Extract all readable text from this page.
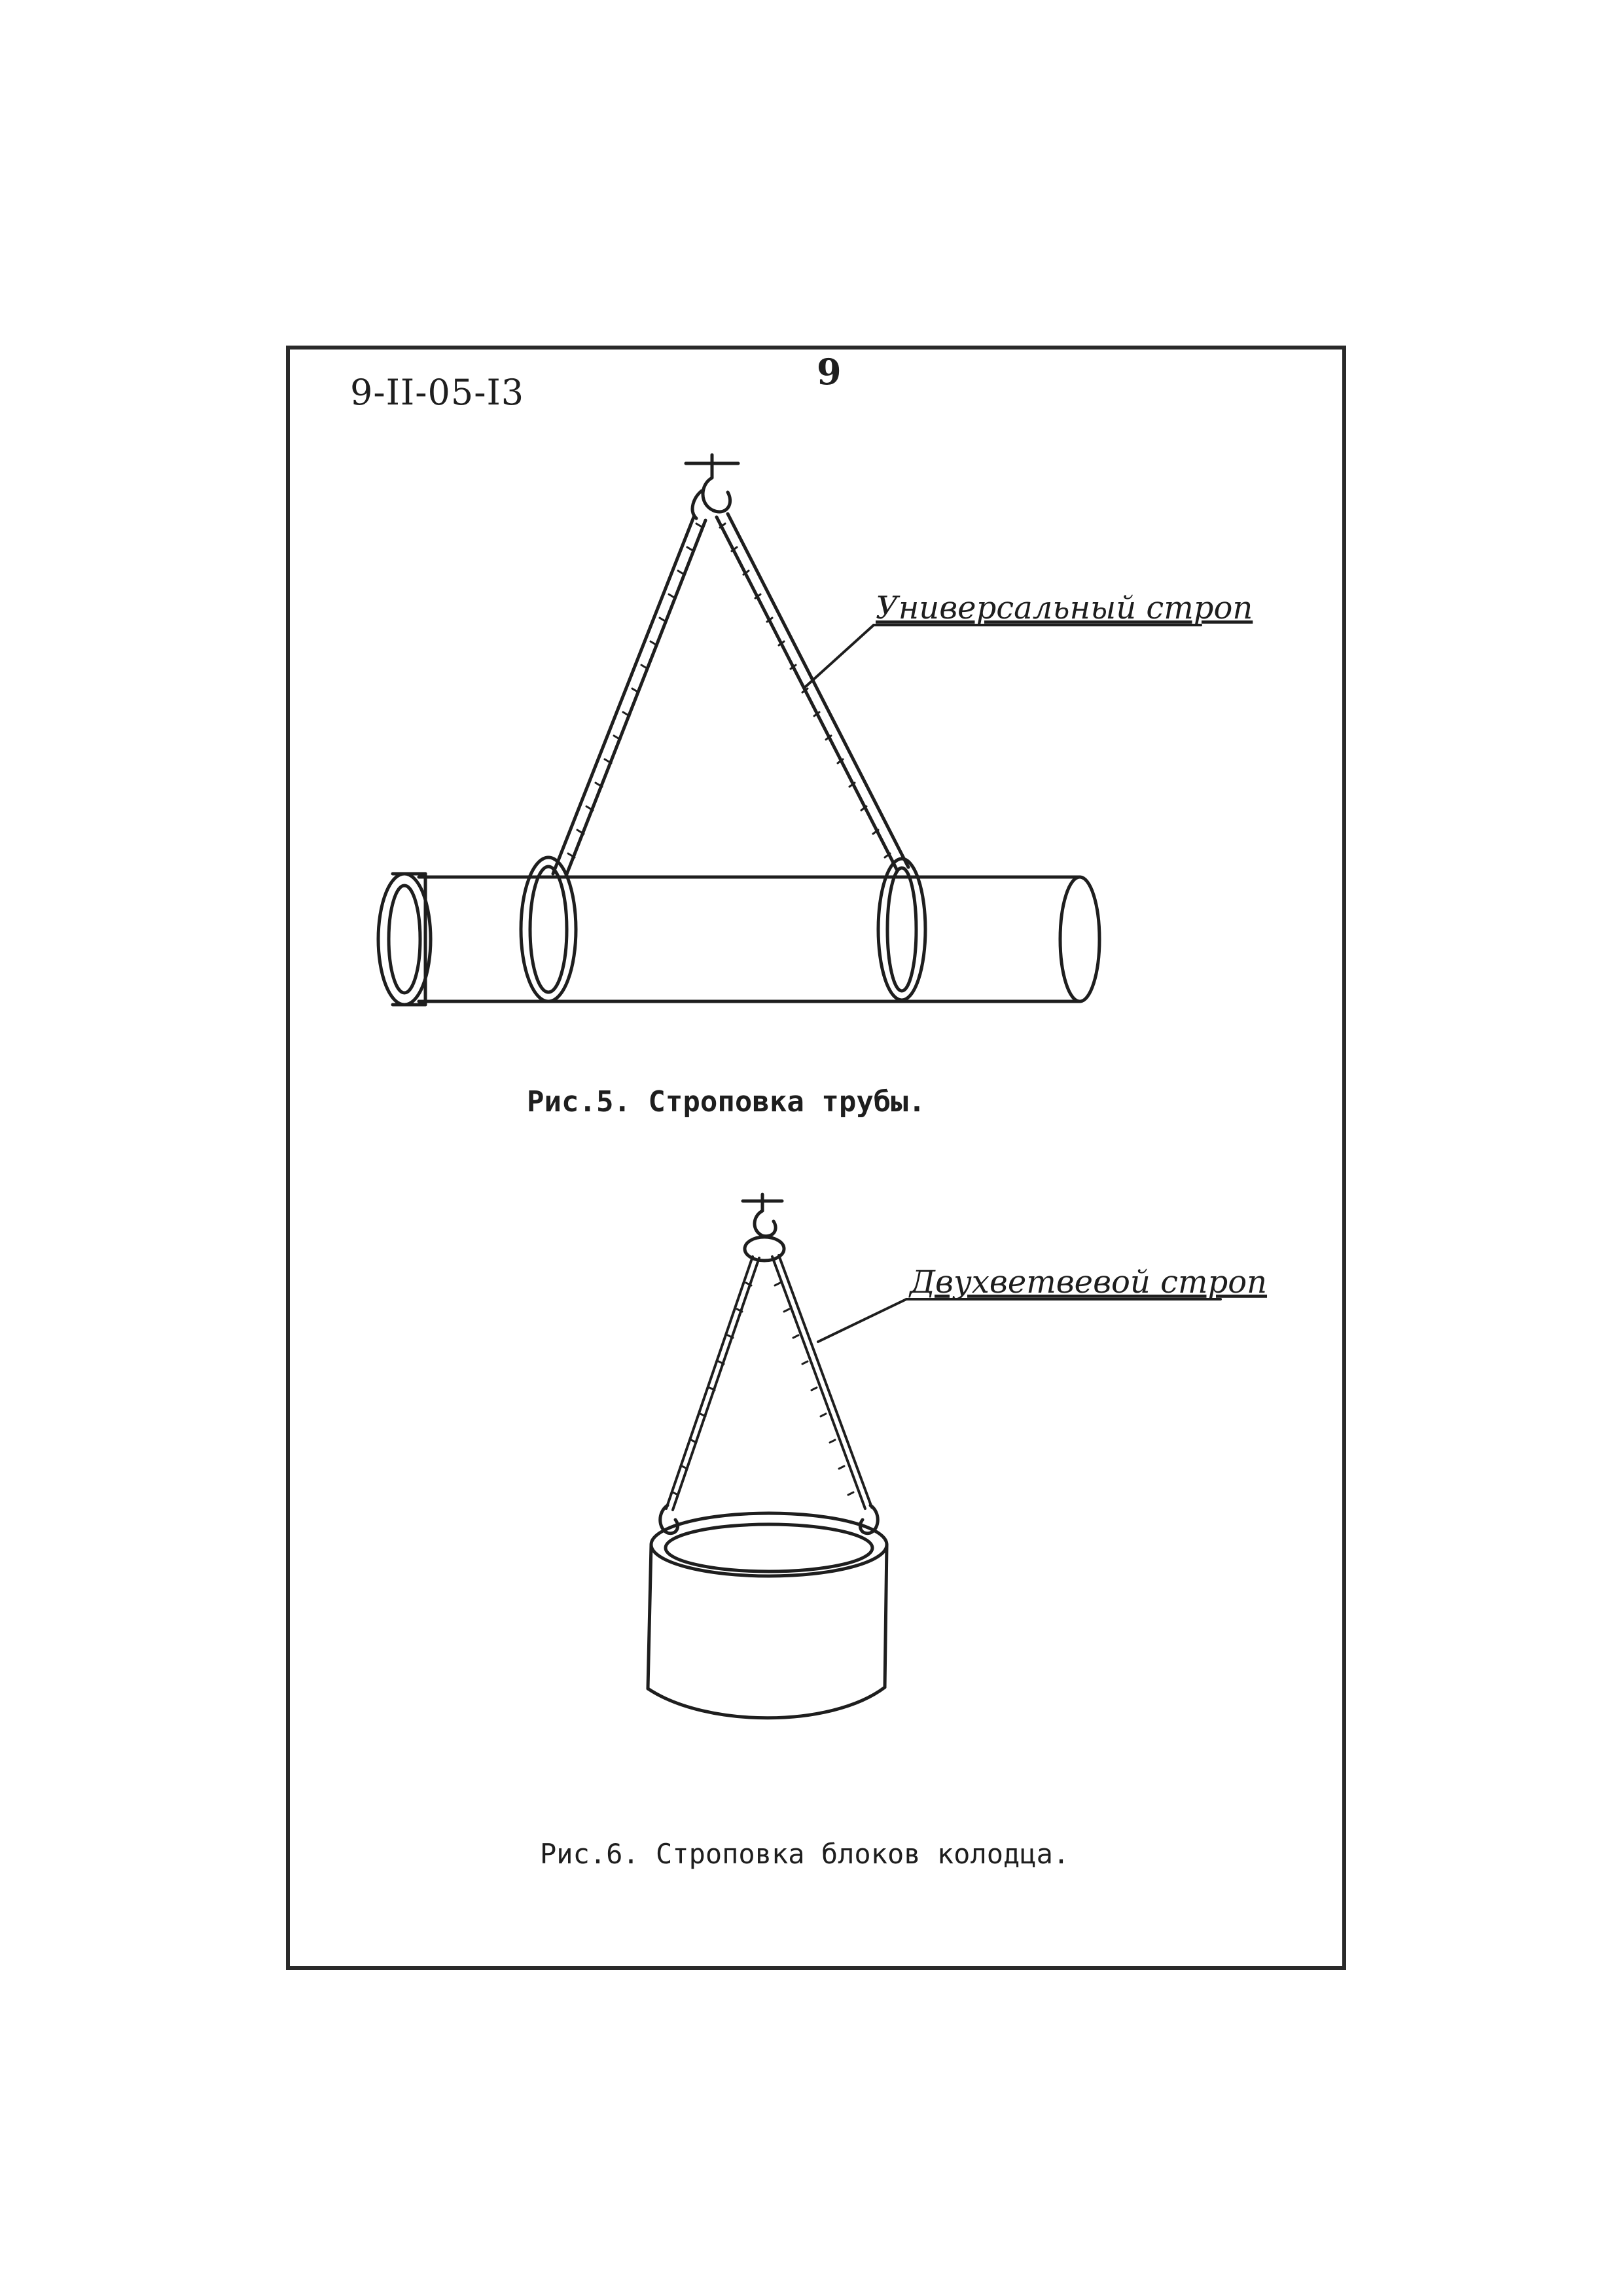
9-II-05-I3	9
Универсальный строп
Двухветвевой строп
Рис.5. Строповка трубы.
Рис.6. Строповка блоков колодца.
